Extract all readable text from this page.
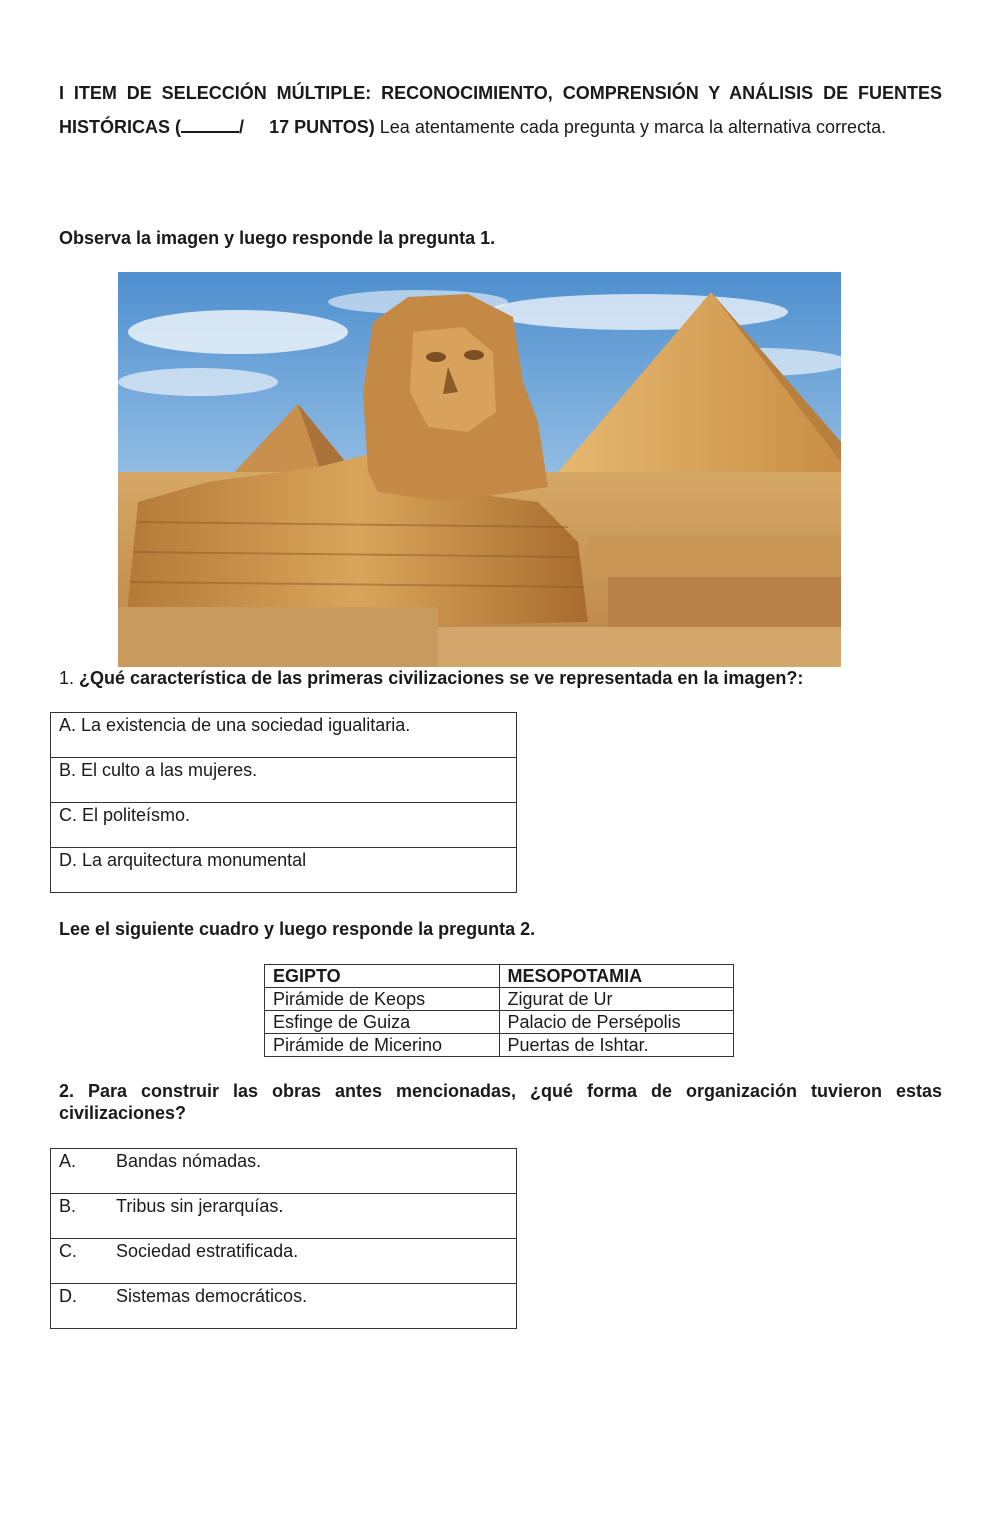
I ITEM DE SELECCIÓN MÚLTIPLE: RECONOCIMIENTO, COMPRENSIÓN Y ANÁLISIS DE FUENTES HISTÓRICAS (	/ 17 PUNTOS) Lea atentamente cada pregunta y marca la alternativa correcta.
Observa la imagen y luego responde la pregunta 1.
1. ¿Qué característica de las primeras civilizaciones se ve representada en la imagen?:
A. La existencia de una sociedad igualitaria.
B. El culto a las mujeres.
C. El politeísmo.
D. La arquitectura monumental
Lee el siguiente cuadro y luego responde la pregunta 2.
EGIPTO	MESOPOTAMIA
Pirámide de Keops	Zigurat de Ur
Esfinge de Guiza	Palacio de Persépolis
Pirámide de Micerino	Puertas de Ishtar.
2. Para construir las obras antes mencionadas, ¿qué forma de organización tuvieron estas civilizaciones?
A. Bandas nómadas.
B. Tribus sin jerarquías.
C. Sociedad estratificada.
D. Sistemas democráticos.
